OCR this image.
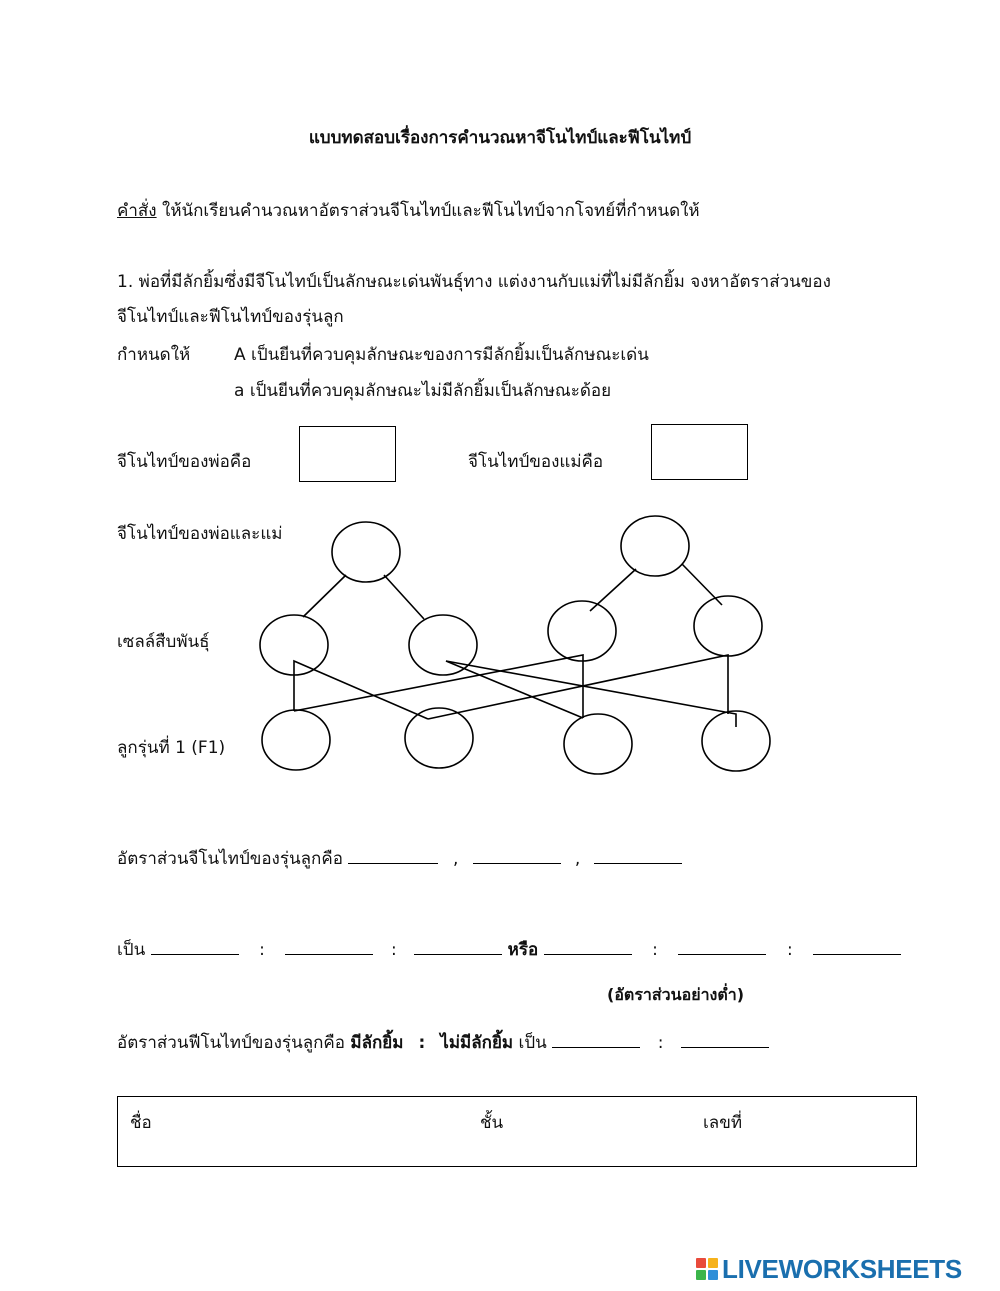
แบบทดสอบเรื่องการคำนวณหาจีโนไทป์และฟีโนไทป์
คำสั่ง ให้นักเรียนคำนวณหาอัตราส่วนจีโนไทป์และฟีโนไทป์จากโจทย์ที่กำหนดให้
1. พ่อที่มีลักยิ้มซึ่งมีจีโนไทป์เป็นลักษณะเด่นพันธุ์ทาง แต่งงานกับแม่ที่ไม่มีลักยิ้ม จงหาอัตราส่วนของ
จีโนไทป์และฟีโนไทป์ของรุ่นลูก
กำหนดให้	A เป็นยีนที่ควบคุมลักษณะของการมีลักยิ้มเป็นลักษณะเด่น
a เป็นยีนที่ควบคุมลักษณะไม่มีลักยิ้มเป็นลักษณะด้อย
จีโนไทป์ของพ่อคือ	จีโนไทป์ของแม่คือ
จีโนไทป์ของพ่อและแม่
เซลล์สืบพันธุ์
ลูกรุ่นที่ 1 (F1)
อัตราส่วนจีโนไทป์ของรุ่นลูกคือ	,	,
เป็น	:	:	หรือ	:	:
(อัตราส่วนอย่างต่ำ)
อัตราส่วนฟีโนไทป์ของรุ่นลูกคือ มีลักยิ้ม : ไม่มีลักยิ้ม เป็น	:
ชื่อ	ชั้น	เลขที่
LIVEWORKSHEETS
